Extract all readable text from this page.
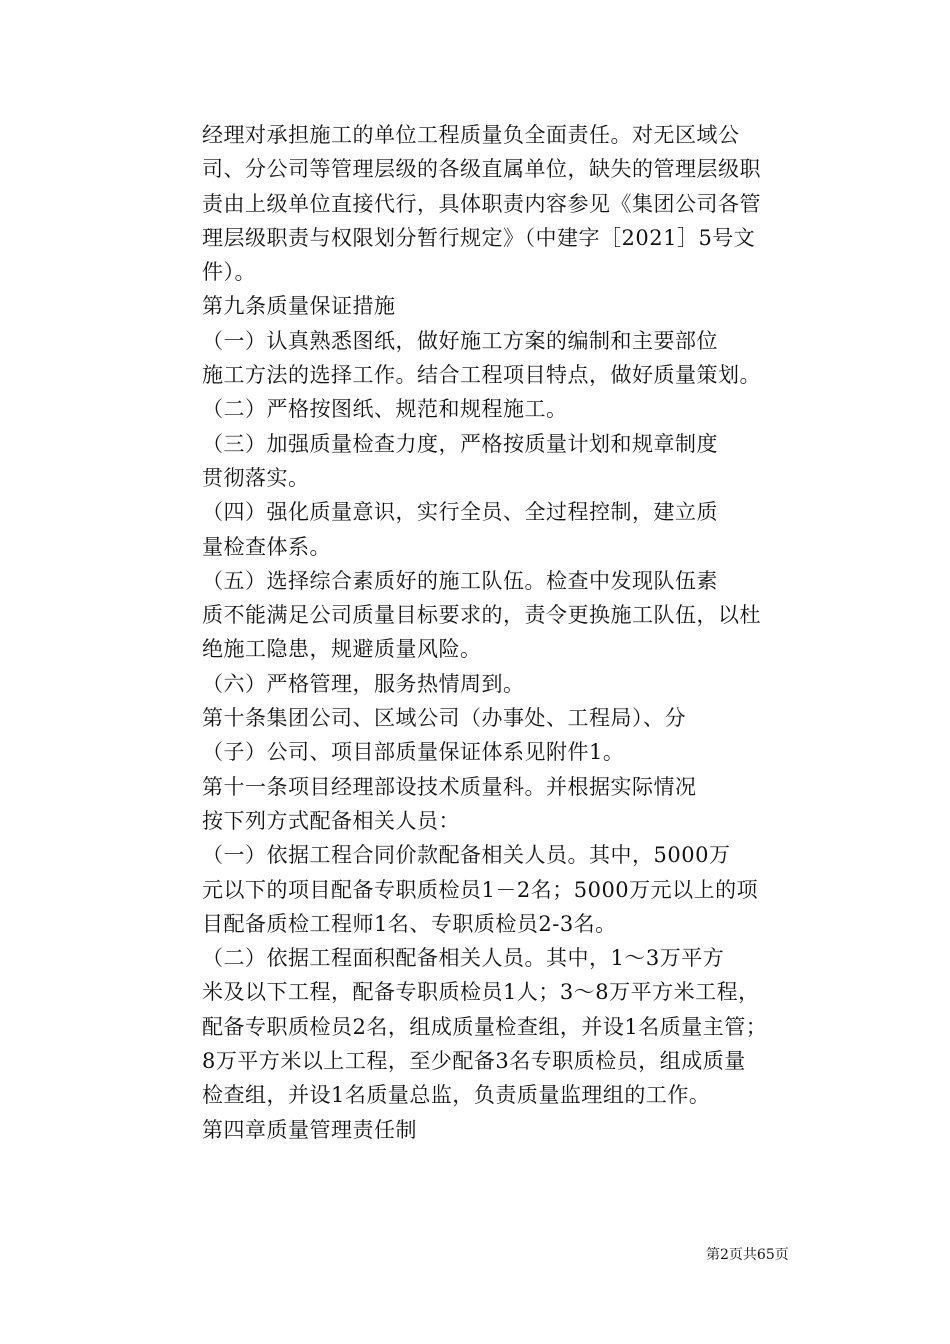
经理对承担施工的单位工程质量负全面责任。对无区域公
司、分公司等管理层级的各级直属单位，缺失的管理层级职
责由上级单位直接代行，具体职责内容参见《集团公司各管
理层级职责与权限划分暂行规定》（中建字［2021］5号文
件）。
第九条质量保证措施
（一）认真熟悉图纸，做好施工方案的编制和主要部位
施工方法的选择工作。结合工程项目特点，做好质量策划。
（二）严格按图纸、规范和规程施工。
（三）加强质量检查力度，严格按质量计划和规章制度
贯彻落实。
（四）强化质量意识，实行全员、全过程控制，建立质
量检查体系。
（五）选择综合素质好的施工队伍。检查中发现队伍素
质不能满足公司质量目标要求的，责令更换施工队伍，以杜
绝施工隐患，规避质量风险。
（六）严格管理，服务热情周到。
第十条集团公司、区域公司（办事处、工程局）、分
（子）公司、项目部质量保证体系见附件1。
第十一条项目经理部设技术质量科。并根据实际情况
按下列方式配备相关人员：
（一）依据工程合同价款配备相关人员。其中，5000万
元以下的项目配备专职质检员1－2名；5000万元以上的项
目配备质检工程师1名、专职质检员2-3名。
（二）依据工程面积配备相关人员。其中，1～3万平方
米及以下工程，配备专职质检员1人；3～8万平方米工程，
配备专职质检员2名，组成质量检查组，并设1名质量主管；
8万平方米以上工程，至少配备3名专职质检员，组成质量
检查组，并设1名质量总监，负责质量监理组的工作。
第四章质量管理责任制
第2页共65页
